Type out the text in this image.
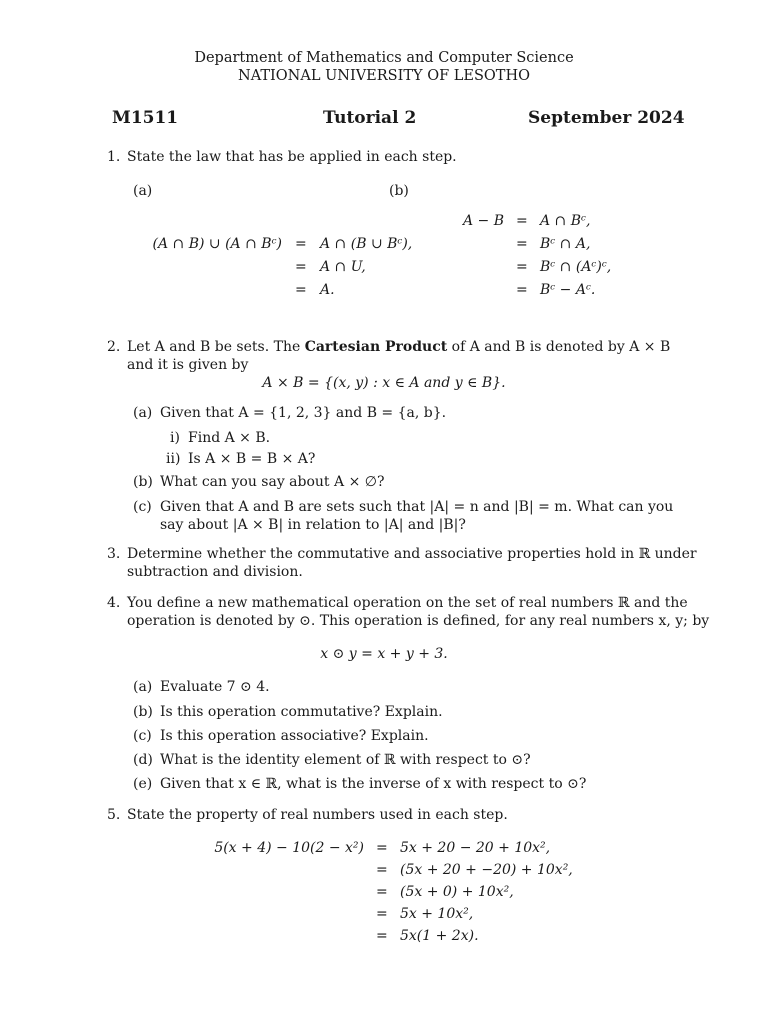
Department of Mathematics and Computer Science
NATIONAL UNIVERSITY OF LESOTHO
M1511	Tutorial 2	September 2024
1. State the law that has be applied in each step.
(a)	(b)
(A ∩ B) ∪ (A ∩ Bᶜ) = A ∩ (B ∪ Bᶜ),
= A ∩ U,
= A.
A − B = A ∩ Bᶜ,
= Bᶜ ∩ A,
= Bᶜ ∩ (Aᶜ)ᶜ,
= Bᶜ − Aᶜ.
2. Let A and B be sets. The Cartesian Product of A and B is denoted by A × B
and it is given by
A × B = {(x, y) : x ∈ A and y ∈ B}.
(a) Given that A = {1, 2, 3} and B = {a, b}.
i) Find A × B.
ii) Is A × B = B × A?
(b) What can you say about A × ∅?
(c) Given that A and B are sets such that |A| = n and |B| = m. What can you
say about |A × B| in relation to |A| and |B|?
3. Determine whether the commutative and associative properties hold in ℝ under
subtraction and division.
4. You define a new mathematical operation on the set of real numbers ℝ and the
operation is denoted by ⊙. This operation is defined, for any real numbers x, y; by
x ⊙ y = x + y + 3.
(a) Evaluate 7 ⊙ 4.
(b) Is this operation commutative? Explain.
(c) Is this operation associative? Explain.
(d) What is the identity element of ℝ with respect to ⊙?
(e) Given that x ∈ ℝ, what is the inverse of x with respect to ⊙?
5. State the property of real numbers used in each step.
5(x + 4) − 10(2 − x²) = 5x + 20 − 20 + 10x²,
= (5x + 20 + −20) + 10x²,
= (5x + 0) + 10x²,
= 5x + 10x²,
= 5x(1 + 2x).
